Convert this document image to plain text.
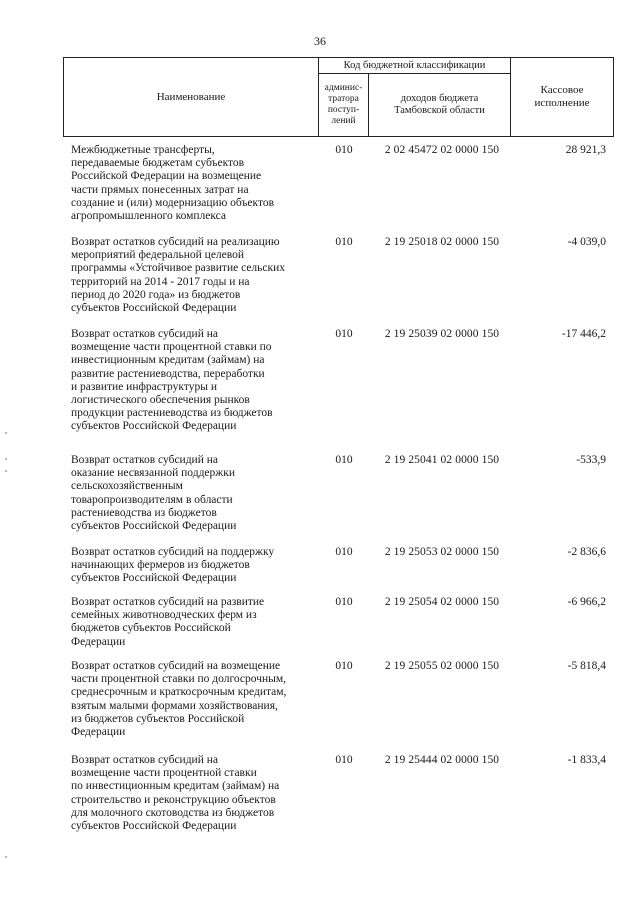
36
Наименование	Код бюджетной классификации		Кассовое
исполнение
	админис-
тратора
поступ-
лений	доходов бюджета
Тамбовской области	
Межбюджетные трансферты,
передаваемые бюджетам субъектов
Российской Федерации на возмещение
части прямых понесенных затрат на
создание и (или) модернизацию объектов
агропромышленного комплекса
010	2 02 45472 02 0000 150	28 921,3
Возврат остатков субсидий на реализацию
мероприятий федеральной целевой
программы «Устойчивое развитие сельских
территорий на 2014 - 2017 годы и на
период до 2020 года» из бюджетов
субъектов Российской Федерации
010	2 19 25018 02 0000 150	-4 039,0
Возврат остатков субсидий на
возмещение части процентной ставки по
инвестиционным кредитам (займам) на
развитие растениеводства, переработки
и развитие инфраструктуры и
логистического обеспечения рынков
продукции растениеводства из бюджетов
субъектов Российской Федерации
010	2 19 25039 02 0000 150	-17 446,2
Возврат остатков субсидий на
оказание несвязанной поддержки
сельскохозяйственным
товаропроизводителям в области
растениеводства из бюджетов
субъектов Российской Федерации
010	2 19 25041 02 0000 150	-533,9
Возврат остатков субсидий на поддержку
начинающих фермеров из бюджетов
субъектов Российской Федерации
010	2 19 25053 02 0000 150	-2 836,6
Возврат остатков субсидий на развитие
семейных животноводческих ферм из
бюджетов субъектов Российской
Федерации
010	2 19 25054 02 0000 150	-6 966,2
Возврат остатков субсидий на возмещение
части процентной ставки по долгосрочным,
среднесрочным и краткосрочным кредитам,
взятым малыми формами хозяйствования,
из бюджетов субъектов Российской
Федерации
010	2 19 25055 02 0000 150	-5 818,4
Возврат остатков субсидий на
возмещение части процентной ставки
по инвестиционным кредитам (займам) на
строительство и реконструкцию объектов
для молочного скотоводства из бюджетов
субъектов Российской Федерации
010	2 19 25444 02 0000 150	-1 833,4
